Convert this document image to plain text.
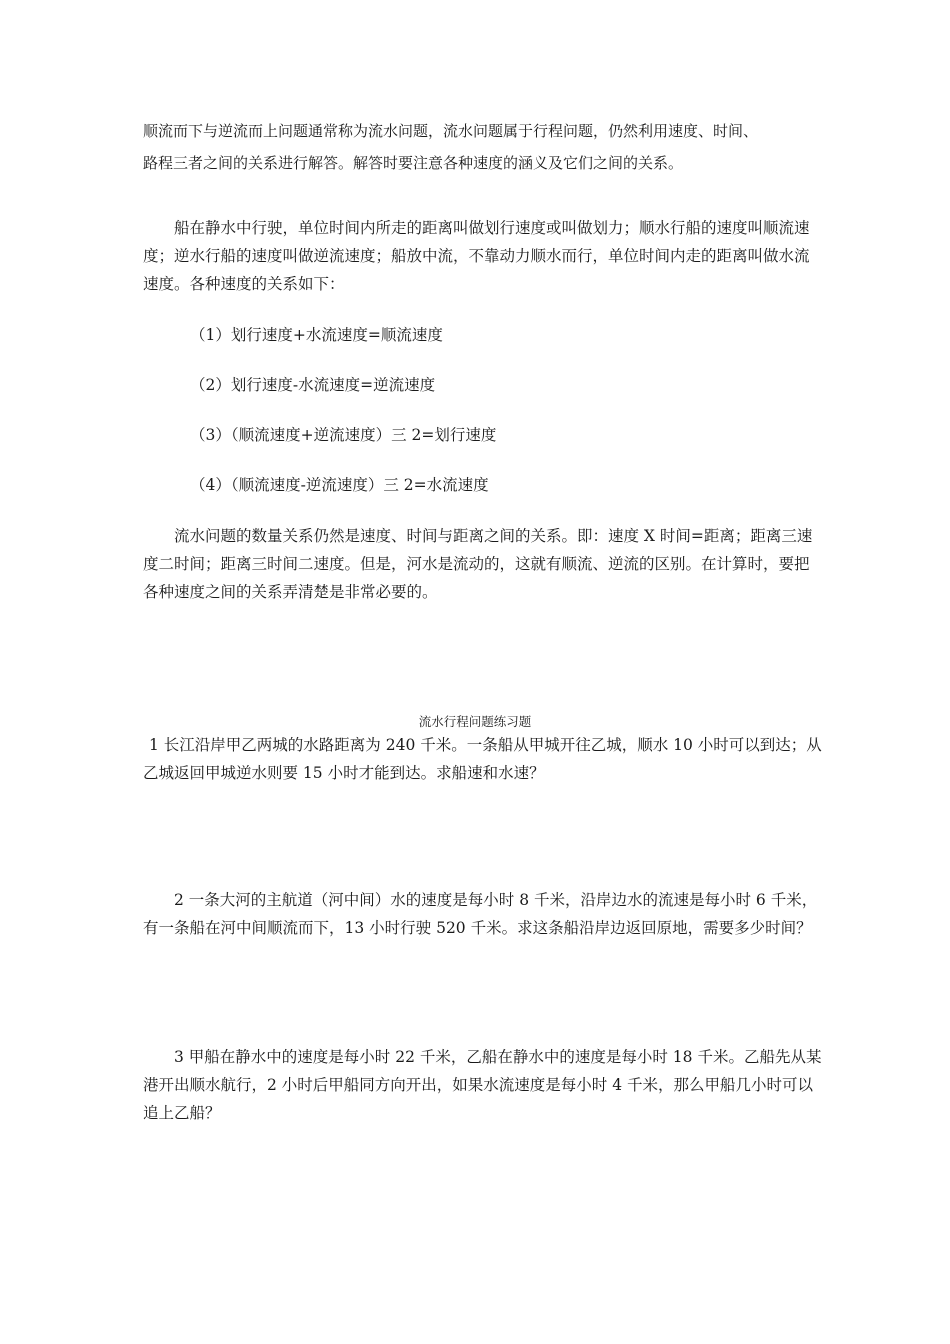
顺流而下与逆流而上问题通常称为流水问题，流水问题属于行程问题，仍然利用速度、时间、
路程三者之间的关系进行解答。解答时要注意各种速度的涵义及它们之间的关系。

船在静水中行驶，单位时间内所走的距离叫做划行速度或叫做划力；顺水行船的速度叫顺流速度；逆水行船的速度叫做逆流速度；船放中流，不靠动力顺水而行，单位时间内走的距离叫做水流速度。各种速度的关系如下：

（1）划行速度+水流速度=顺流速度

（2）划行速度-水流速度=逆流速度

（3）（顺流速度+逆流速度）三 2=划行速度

（4）（顺流速度-逆流速度）三 2=水流速度

流水问题的数量关系仍然是速度、时间与距离之间的关系。即：速度 X 时间=距离；距离三速度二时间；距离三时间二速度。但是，河水是流动的，这就有顺流、逆流的区别。在计算时，要把各种速度之间的关系弄清楚是非常必要的。

流水行程问题练习题

1 长江沿岸甲乙两城的水路距离为 240 千米。一条船从甲城开往乙城，顺水 10 小时可以到达；从乙城返回甲城逆水则要 15 小时才能到达。求船速和水速？

2 一条大河的主航道（河中间）水的速度是每小时 8 千米，沿岸边水的流速是每小时 6 千米，有一条船在河中间顺流而下，13 小时行驶 520 千米。求这条船沿岸边返回原地，需要多少时间？

3 甲船在静水中的速度是每小时 22 千米，乙船在静水中的速度是每小时 18 千米。乙船先从某港开出顺水航行，2 小时后甲船同方向开出，如果水流速度是每小时 4 千米，那么甲船几小时可以追上乙船？
